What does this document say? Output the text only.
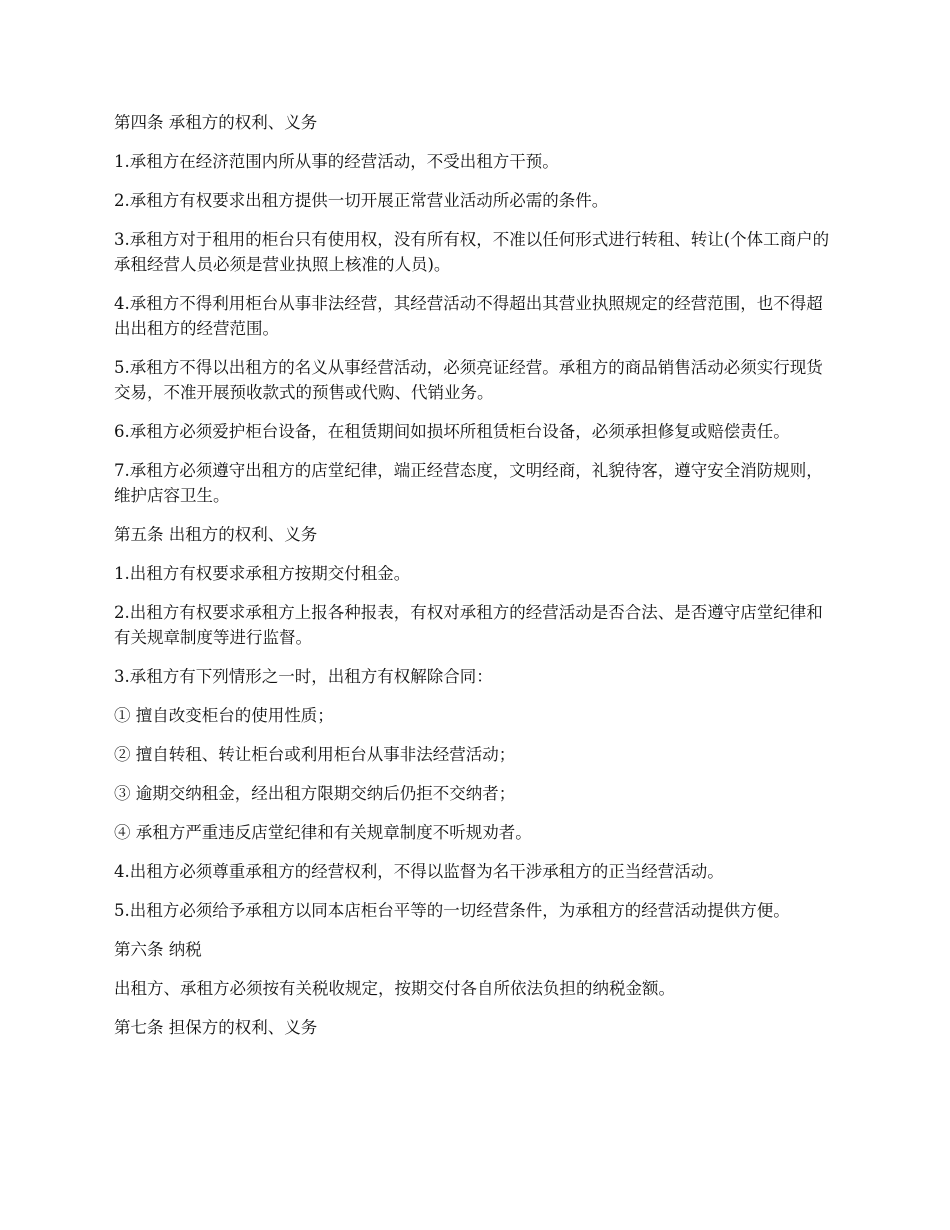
第四条 承租方的权利、义务

1.承租方在经济范围内所从事的经营活动，不受出租方干预。

2.承租方有权要求出租方提供一切开展正常营业活动所必需的条件。

3.承租方对于租用的柜台只有使用权，没有所有权，不准以任何形式进行转租、转让(个体工商户的承租经营人员必须是营业执照上核准的人员)。

4.承租方不得利用柜台从事非法经营，其经营活动不得超出其营业执照规定的经营范围，也不得超出出租方的经营范围。

5.承租方不得以出租方的名义从事经营活动，必须亮证经营。承租方的商品销售活动必须实行现货交易，不准开展预收款式的预售或代购、代销业务。

6.承租方必须爱护柜台设备，在租赁期间如损坏所租赁柜台设备，必须承担修复或赔偿责任。

7.承租方必须遵守出租方的店堂纪律，端正经营态度，文明经商，礼貌待客，遵守安全消防规则，维护店容卫生。

第五条 出租方的权利、义务

1.出租方有权要求承租方按期交付租金。

2.出租方有权要求承租方上报各种报表，有权对承租方的经营活动是否合法、是否遵守店堂纪律和有关规章制度等进行监督。

3.承租方有下列情形之一时，出租方有权解除合同：

① 擅自改变柜台的使用性质；

② 擅自转租、转让柜台或利用柜台从事非法经营活动；

③ 逾期交纳租金，经出租方限期交纳后仍拒不交纳者；

④ 承租方严重违反店堂纪律和有关规章制度不听规劝者。

4.出租方必须尊重承租方的经营权利，不得以监督为名干涉承租方的正当经营活动。

5.出租方必须给予承租方以同本店柜台平等的一切经营条件，为承租方的经营活动提供方便。

第六条 纳税

出租方、承租方必须按有关税收规定，按期交付各自所依法负担的纳税金额。

第七条 担保方的权利、义务
